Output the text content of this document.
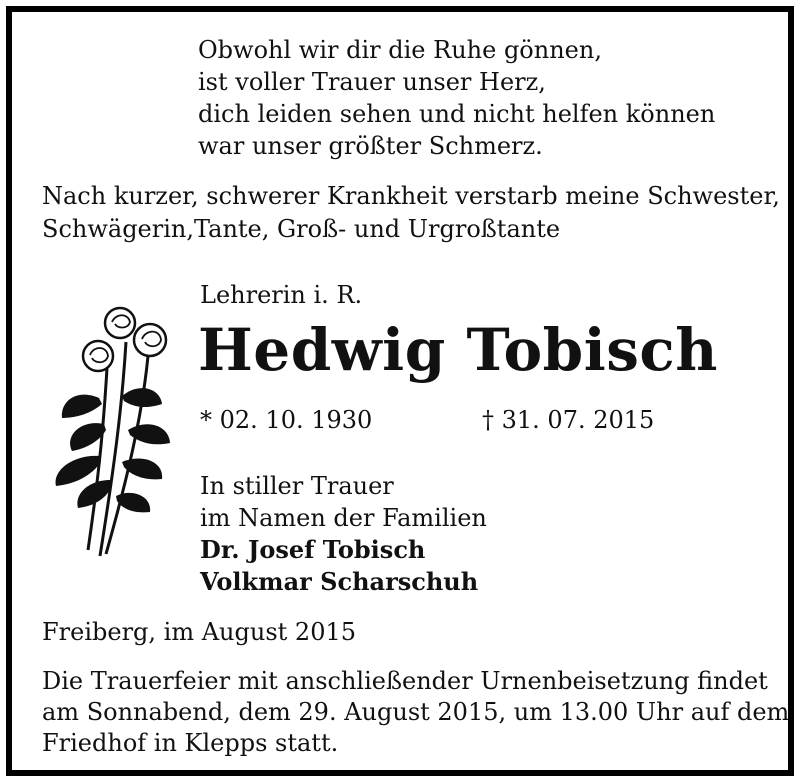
Obwohl wir dir die Ruhe gönnen,
ist voller Trauer unser Herz,
dich leiden sehen und nicht helfen können
war unser größter Schmerz.
Nach kurzer, schwerer Krankheit verstarb meine Schwester,
Schwägerin,Tante, Groß- und Urgroßtante
Lehrerin i. R.
Hedwig Tobisch
* 02. 10. 1930	† 31. 07. 2015
In stiller Trauer
im Namen der Familien
Dr. Josef Tobisch
Volkmar Scharschuh
Freiberg, im August 2015
Die Trauerfeier mit anschließender Urnenbeisetzung findet
am Sonnabend, dem 29. August 2015, um 13.00 Uhr auf dem
Friedhof in Klepps statt.
